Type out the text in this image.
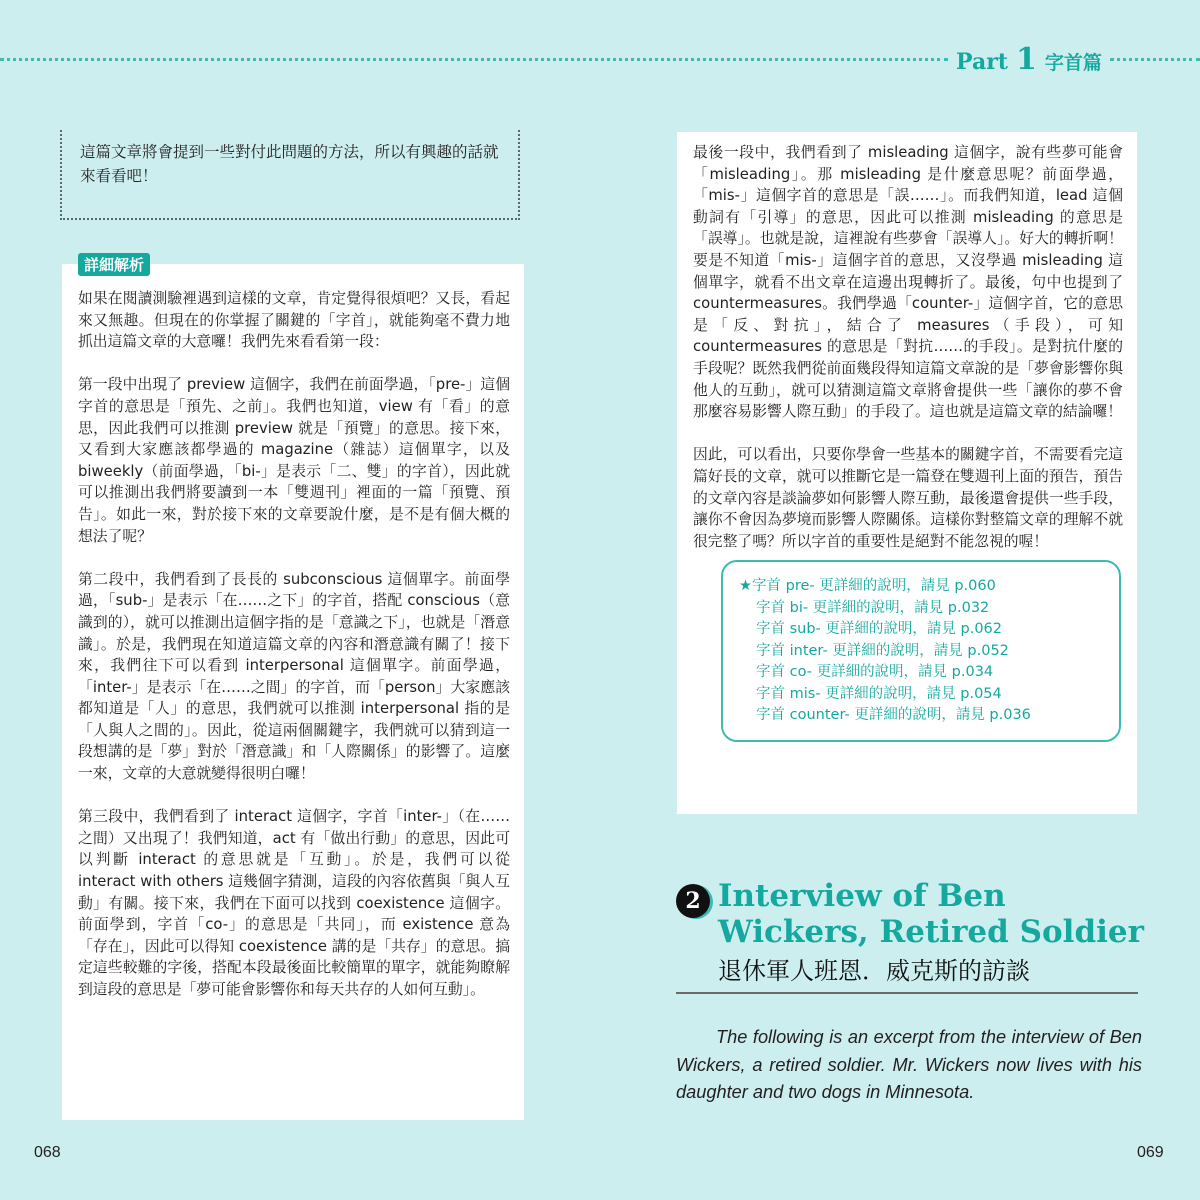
Part 1 字首篇

這篇文章將會提到一些對付此問題的方法，所以有興趣的話就來看看吧！

如果在閱讀測驗裡遇到這樣的文章，肯定覺得很煩吧？又長，看起來又無趣。但現在的你掌握了關鍵的「字首」，就能夠毫不費力地抓出這篇文章的大意囉！我們先來看看第一段：

第一段中出現了 preview 這個字，我們在前面學過，「pre-」這個字首的意思是「預先、之前」。我們也知道，view 有「看」的意思，因此我們可以推測 preview 就是「預覽」的意思。接下來，又看到大家應該都學過的 magazine（雜誌）這個單字，以及 biweekly（前面學過，「bi-」是表示「二、雙」的字首），因此就可以推測出我們將要讀到一本「雙週刊」裡面的一篇「預覽、預告」。如此一來，對於接下來的文章要說什麼，是不是有個大概的想法了呢？

第二段中，我們看到了長長的 subconscious 這個單字。前面學過，「sub-」是表示「在……之下」的字首，搭配 conscious（意識到的），就可以推測出這個字指的是「意識之下」，也就是「潛意識」。於是，我們現在知道這篇文章的內容和潛意識有關了！接下來，我們往下可以看到 interpersonal 這個單字。前面學過，「inter-」是表示「在……之間」的字首，而「person」大家應該都知道是「人」的意思，我們就可以推測 interpersonal 指的是「人與人之間的」。因此，從這兩個關鍵字，我們就可以猜到這一段想講的是「夢」對於「潛意識」和「人際關係」的影響了。這麼一來，文章的大意就變得很明白囉！

第三段中，我們看到了 interact 這個字，字首「inter-」（在……之間）又出現了！我們知道，act 有「做出行動」的意思，因此可以判斷 interact 的意思就是「互動」。於是，我們可以從 interact with others 這幾個字猜測，這段的內容依舊與「與人互動」有關。接下來，我們在下面可以找到 coexistence 這個字。前面學到，字首「co-」的意思是「共同」，而 existence 意為「存在」，因此可以得知 coexistence 講的是「共存」的意思。搞定這些較難的字後，搭配本段最後面比較簡單的單字，就能夠瞭解到這段的意思是「夢可能會影響你和每天共存的人如何互動」。

詳細解析
068

最後一段中，我們看到了 misleading 這個字，說有些夢可能會「misleading」。那 misleading 是什麼意思呢？前面學過，「mis-」這個字首的意思是「誤……」。而我們知道，lead 這個動詞有「引導」的意思，因此可以推測 misleading 的意思是「誤導」。也就是說，這裡說有些夢會「誤導人」。好大的轉折啊！要是不知道「mis-」這個字首的意思，又沒學過 misleading 這個單字，就看不出文章在這邊出現轉折了。最後，句中也提到了 countermeasures。我們學過「counter-」這個字首，它的意思是「反、對抗」，結合了 measures（手段），可知 countermeasures 的意思是「對抗……的手段」。是對抗什麼的手段呢？既然我們從前面幾段得知這篇文章說的是「夢會影響你與他人的互動」，就可以猜測這篇文章將會提供一些「讓你的夢不會那麼容易影響人際互動」的手段了。這也就是這篇文章的結論囉！

因此，可以看出，只要你學會一些基本的關鍵字首，不需要看完這篇好長的文章，就可以推斷它是一篇登在雙週刊上面的預告，預告的文章內容是談論夢如何影響人際互動，最後還會提供一些手段，讓你不會因為夢境而影響人際關係。這樣你對整篇文章的理解不就很完整了嗎？所以字首的重要性是絕對不能忽視的喔！

★ 字首 pre- 更詳細的說明，請見 p.060
字首 bi- 更詳細的說明，請見 p.032
字首 sub- 更詳細的說明，請見 p.062
字首 inter- 更詳細的說明，請見 p.052
字首 co- 更詳細的說明，請見 p.034
字首 mis- 更詳細的說明，請見 p.054
字首 counter- 更詳細的說明，請見 p.036
2 Interview of Ben Wickers, Retired Soldier

退休軍人班恩．威克斯的訪談

The following is an excerpt from the interview of Ben Wickers, a retired soldier. Mr. Wickers now lives with his daughter and two dogs in Minnesota.

069
